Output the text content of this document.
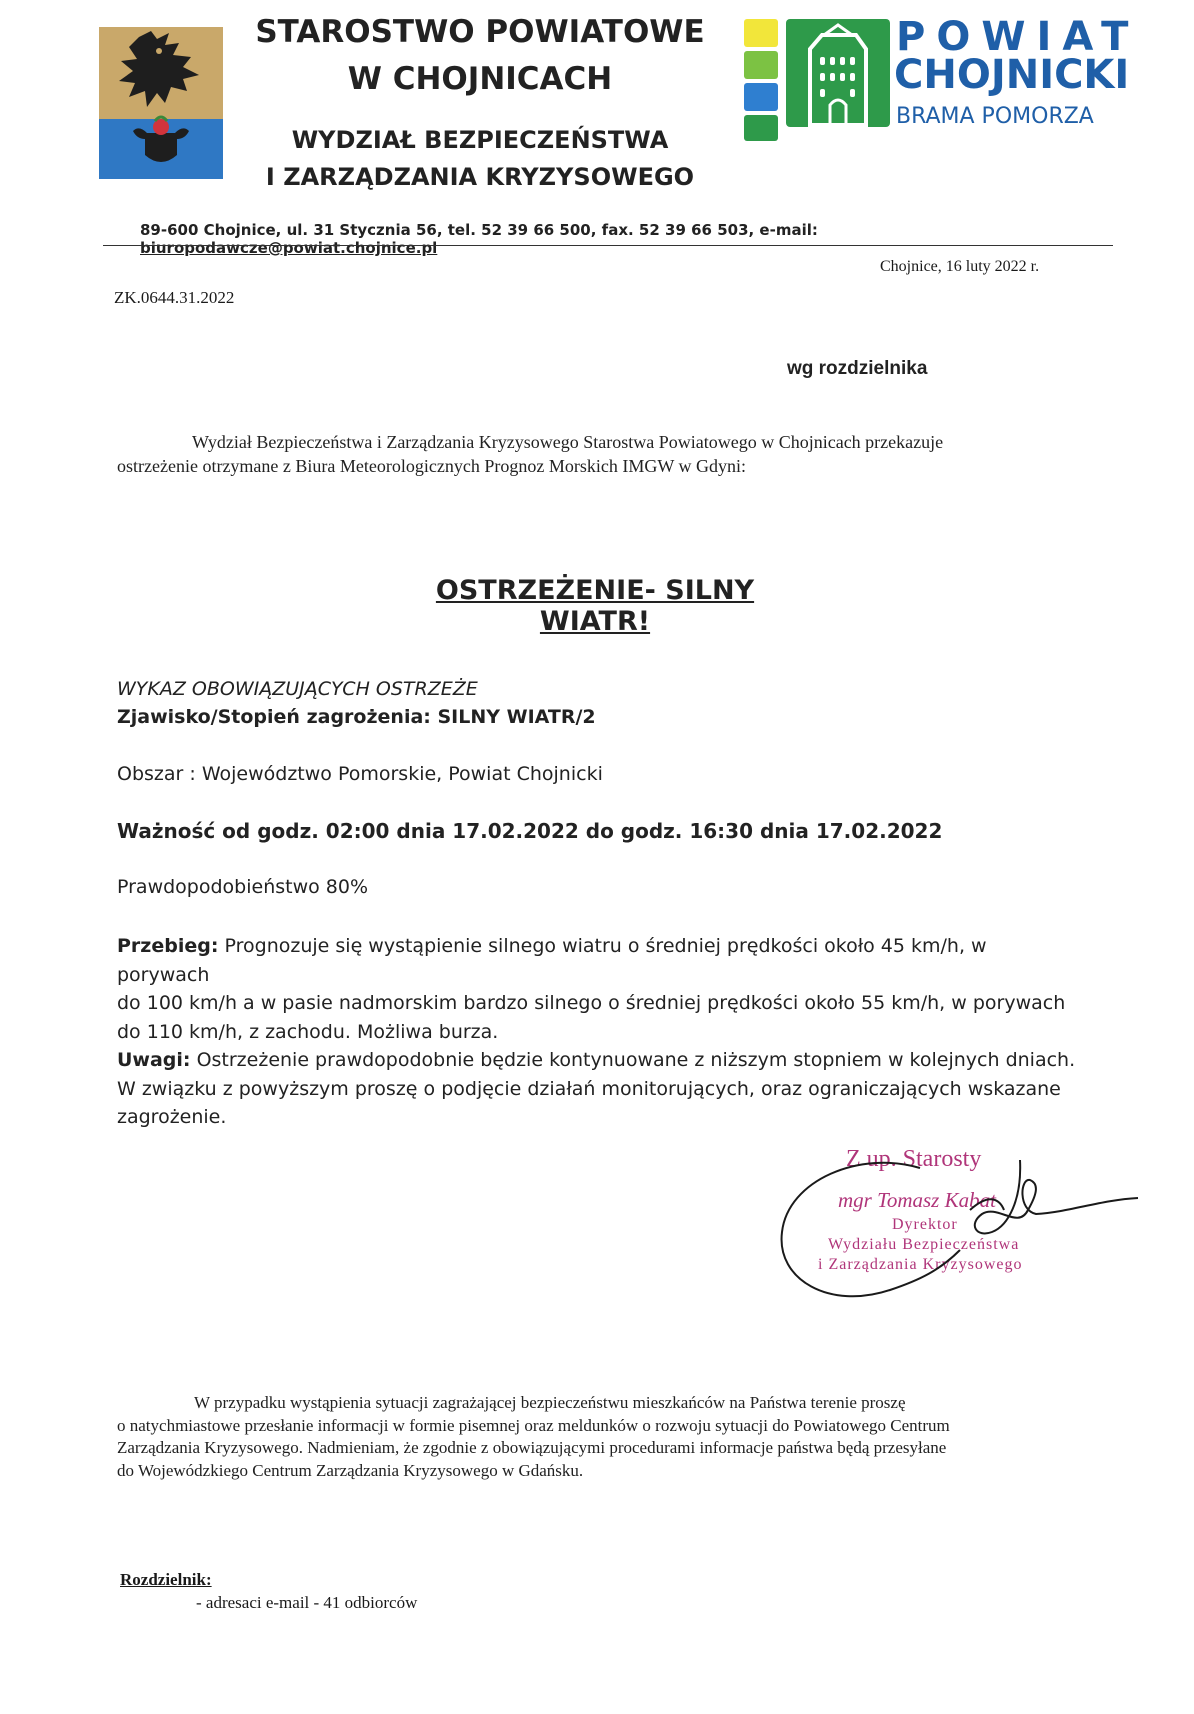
STAROSTWO POWIATOWE
W CHOJNICACH
WYDZIAŁ BEZPIECZEŃSTWA
I ZARZĄDZANIA KRYZYSOWEGO
POWIAT
CHOJNICKI
BRAMA POMORZA
89-600 Chojnice, ul. 31 Stycznia 56, tel. 52 39 66 500, fax. 52 39 66 503, e-mail: biuropodawcze@powiat.chojnice.pl
Chojnice, 16 luty 2022 r.
ZK.0644.31.2022
wg rozdzielnika
Wydział Bezpieczeństwa i Zarządzania Kryzysowego Starostwa Powiatowego w Chojnicach przekazuje
ostrzeżenie otrzymane z Biura Meteorologicznych Prognoz Morskich IMGW w Gdyni:
OSTRZEŻENIE- SILNY WIATR!
WYKAZ OBOWIĄZUJĄCYCH OSTRZEŻE
Zjawisko/Stopień zagrożenia: SILNY WIATR/2
Obszar : Województwo Pomorskie, Powiat Chojnicki
Ważność od godz. 02:00 dnia 17.02.2022 do godz. 16:30 dnia 17.02.2022
Prawdopodobieństwo 80%
Przebieg: Prognozuje się wystąpienie silnego wiatru o średniej prędkości około 45 km/h, w porywach
do 100 km/h a w pasie nadmorskim bardzo silnego o średniej prędkości około 55 km/h, w porywach
do 110 km/h, z zachodu. Możliwa burza.
Uwagi: Ostrzeżenie prawdopodobnie będzie kontynuowane z niższym stopniem w kolejnych dniach.
W związku z powyższym proszę o podjęcie działań monitorujących, oraz ograniczających wskazane
zagrożenie.
Z up. Starosty
mgr Tomasz Kabat
Dyrektor
Wydziału Bezpieczeństwa
i Zarządzania Kryzysowego
W przypadku wystąpienia sytuacji zagrażającej bezpieczeństwu mieszkańców na Państwa terenie proszę
o natychmiastowe przesłanie informacji w formie pisemnej oraz meldunków o rozwoju sytuacji do Powiatowego Centrum
Zarządzania Kryzysowego. Nadmieniam, że zgodnie z obowiązującymi procedurami informacje państwa będą przesyłane
do Wojewódzkiego Centrum Zarządzania Kryzysowego w Gdańsku.
Rozdzielnik:
- adresaci e-mail - 41 odbiorców
